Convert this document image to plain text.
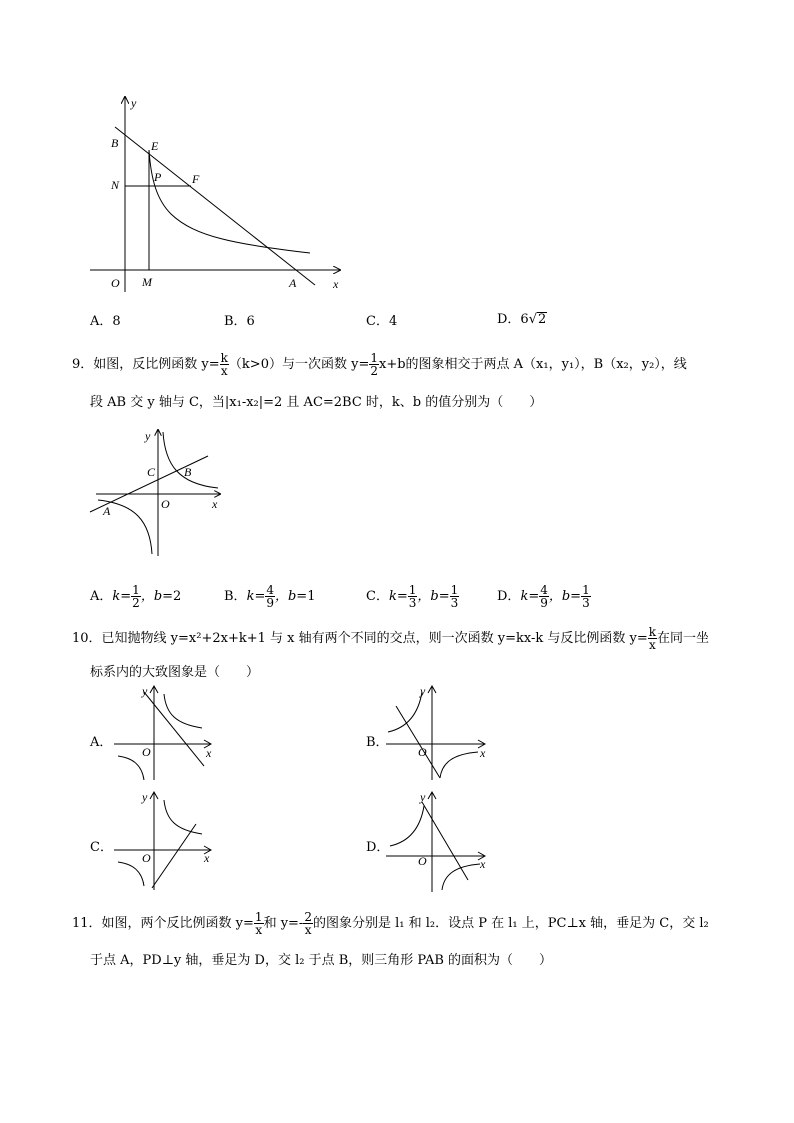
y
x
O
B	E
N
P	F
M	A
A．8	B．6	C．4	D．6√2
9．如图，反比例函数 $y= \frac{k}{x} (k>0)$与一次函数 $y= \frac{1}{2} x+b$的图象相交于两点 A（x₁，y₁），B（x₂，y₂），线
段 AB 交 y 轴与 C，当|x₁-x₂|=2 且 AC=2BC 时，k、b 的值分别为（　　）
y
x
O
C B
A
A．$k= \frac{1}{2}$ ，b=2	B．$k= \frac{4}{9}$ ，b=1	C．$k= \frac{1}{3}$ ，$b= \frac{1}{3}$	D．$k= \frac{4}{9}$ ，$b= \frac{1}{3}$
10．已知抛物线 y=x²+2x+k+1 与 x 轴有两个不同的交点，则一次函数 y=kx-k 与反比例函数 $y= \frac{k}{x}$ 在同一坐
标系内的大致图象是（　　）
A．
y
x
O
B．
y
x
O
C．
y
x
O
D．
y
x
O
11．如图，两个反比例函数 $y= \frac{1}{x}$ 和 $y=- \frac{2}{x}$ 的图象分别是 l₁ 和 l₂．设点 P 在 l₁ 上，PC⊥x 轴，垂足为 C，交 l₂
于点 A，PD⊥y 轴，垂足为 D，交 l₂ 于点 B，则三角形 PAB 的面积为（　　）
